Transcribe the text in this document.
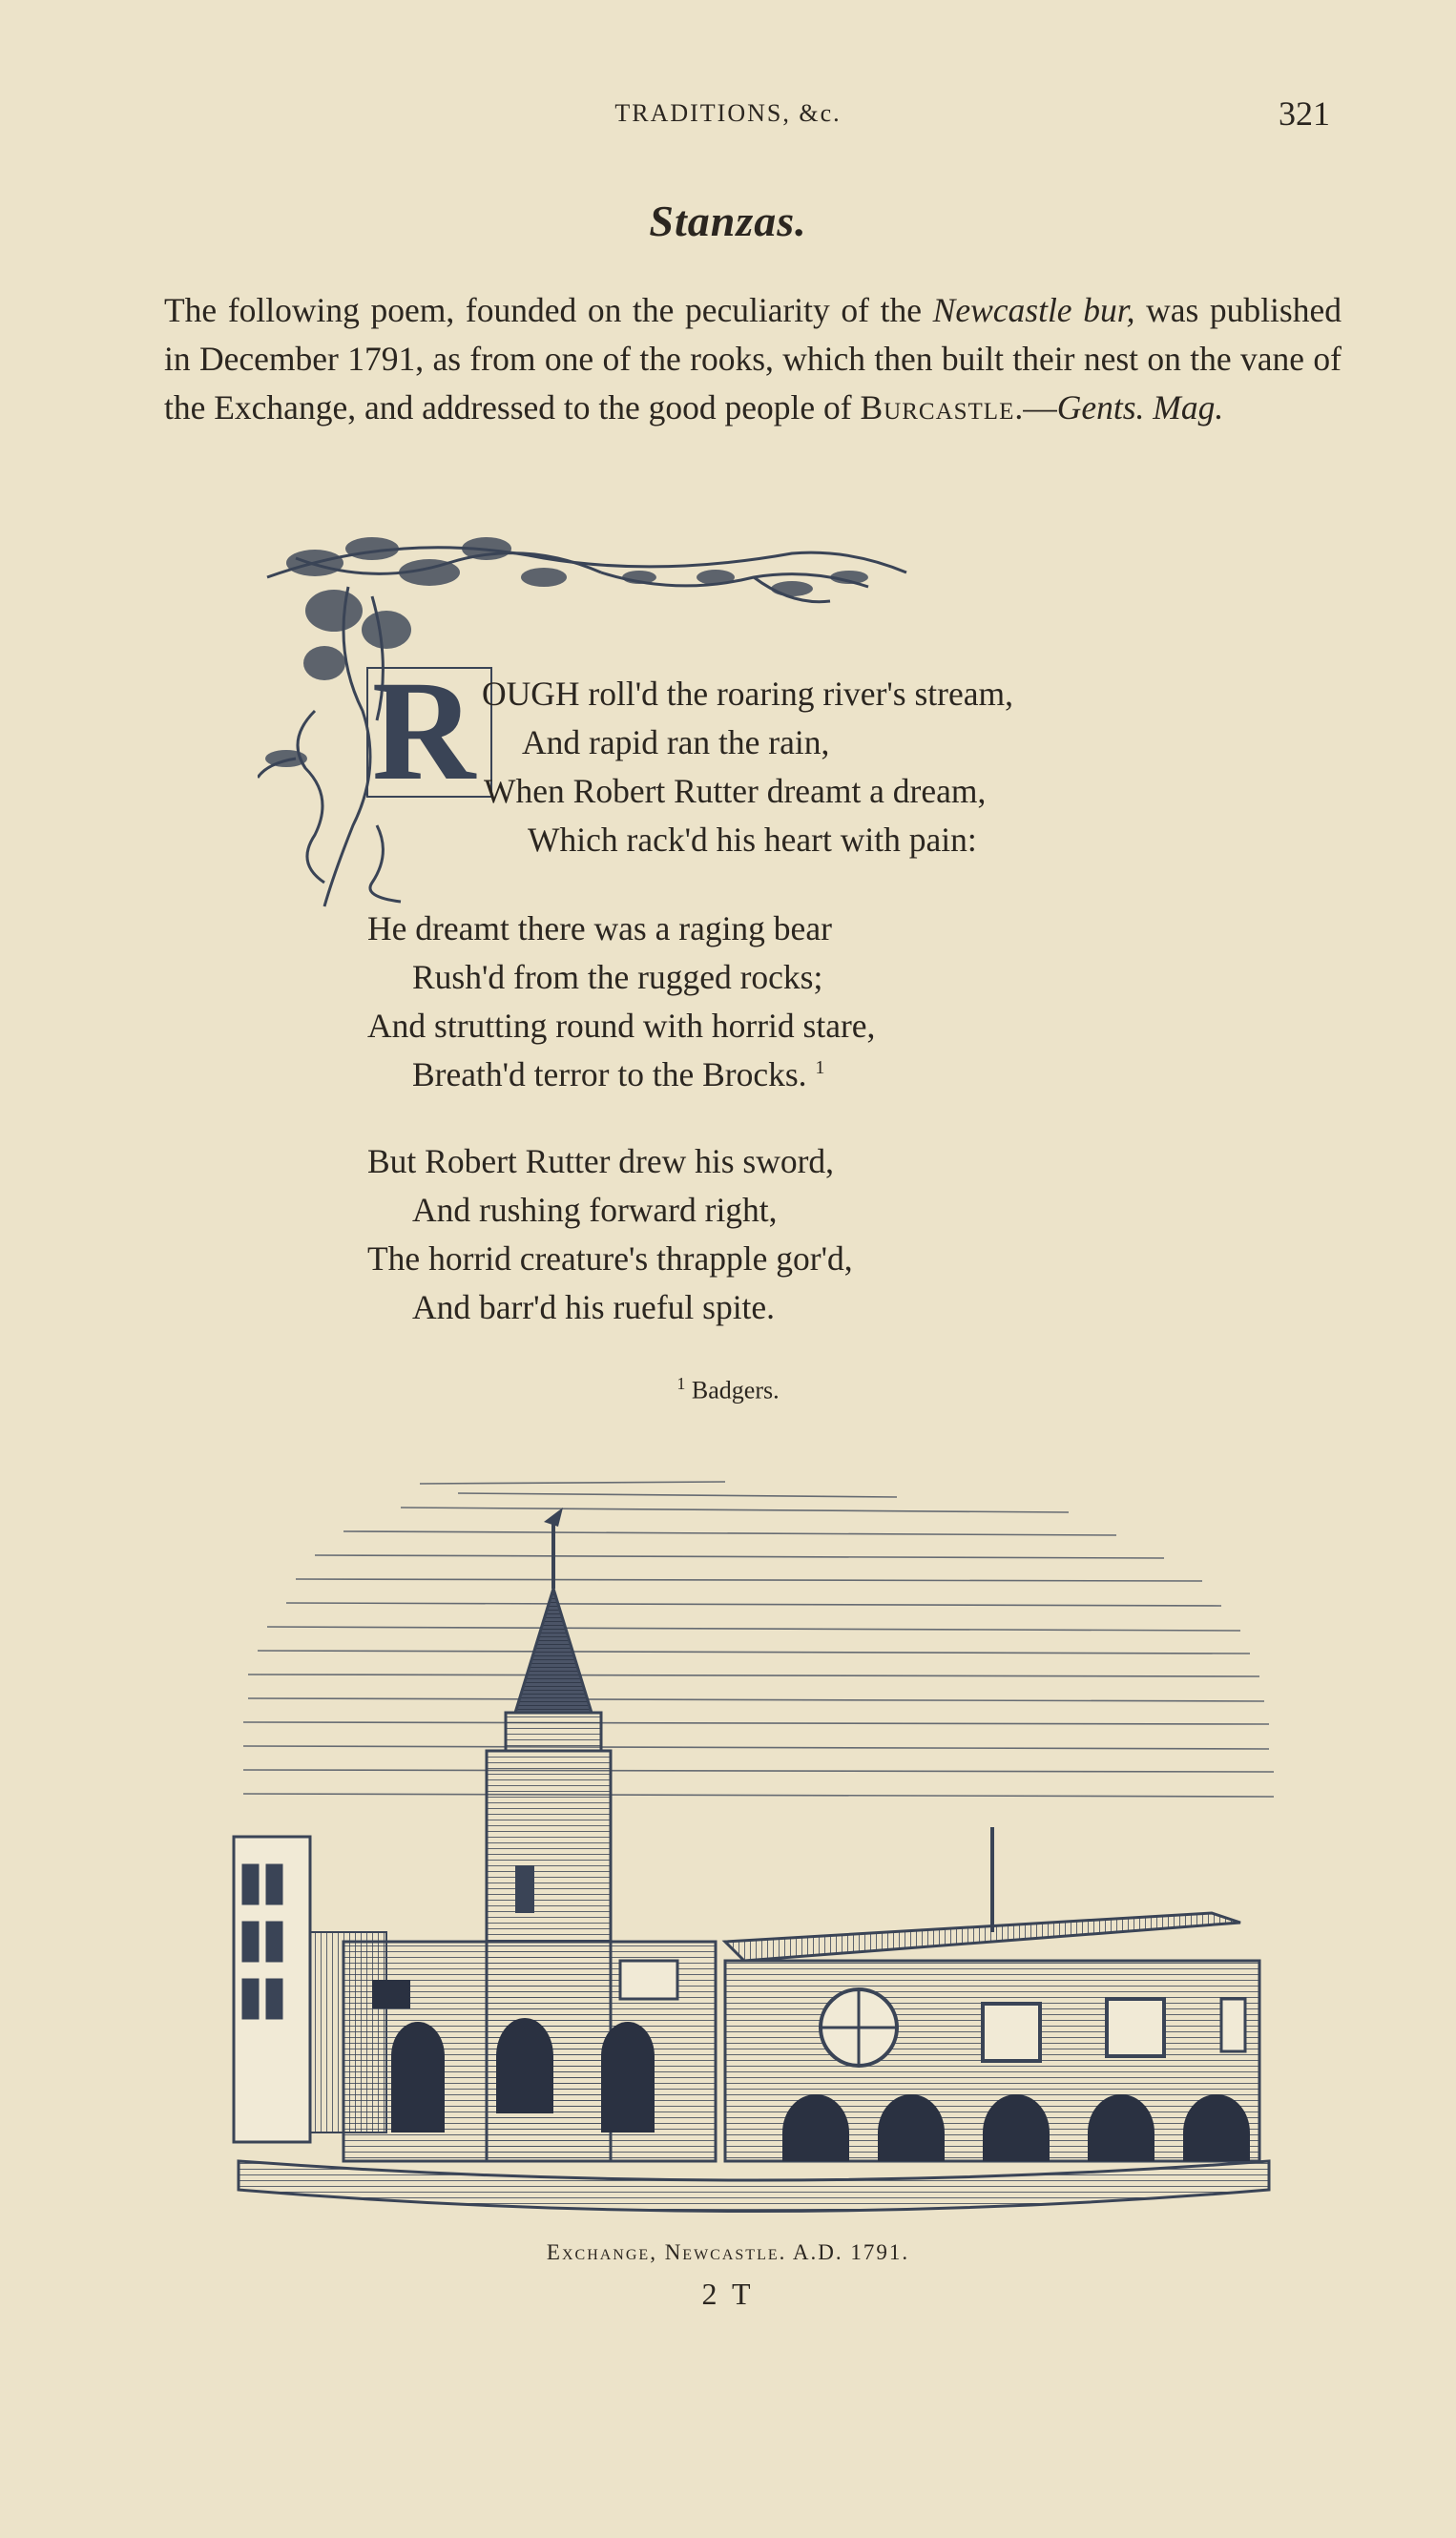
TRADITIONS, &c.	321
Stanzas.

The following poem, founded on the peculiarity of the Newcastle bur, was published in December 1791, as from one of the rooks, which then built their nest on the vane of the Exchange, and addressed to the good people of Burcastle.—Gents. Mag.

R OUGH roll'd the roaring river's stream,
And rapid ran the rain,
When Robert Rutter dreamt a dream,
Which rack'd his heart with pain:
He dreamt there was a raging bear
Rush'd from the rugged rocks;
And strutting round with horrid stare,
Breath'd terror to the Brocks. $^1$
But Robert Rutter drew his sword,
And rushing forward right,
The horrid creature's thrapple gor'd,
And barr'd his rueful spite.
$^1$ Badgers.
Exchange, Newcastle. A.D. 1791.
2 T
